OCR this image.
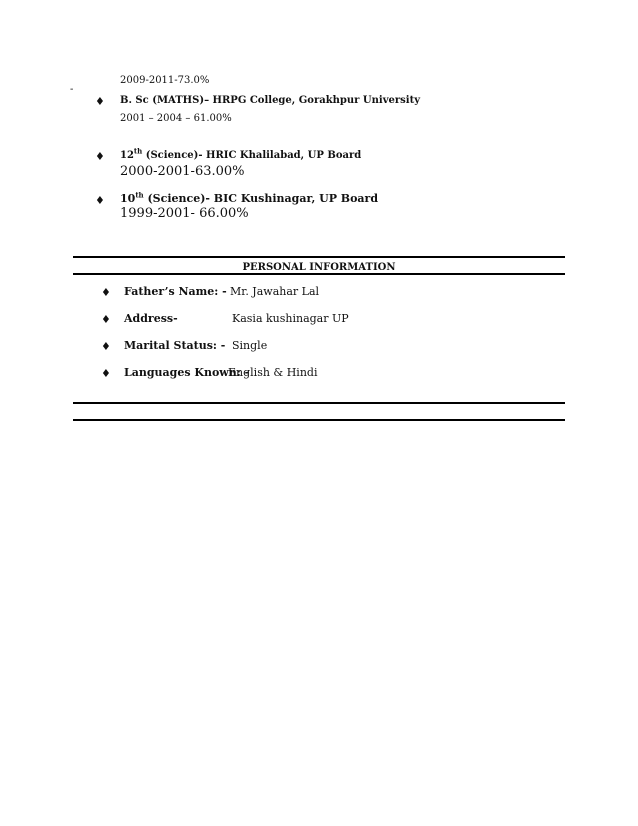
-
2009-2011-73.0%
♦ B. Sc (MATHS)– HRPG College, Gorakhpur University
2001 – 2004 – 61.00%
♦ 12th (Science)- HRIC Khalilabad, UP Board
2000-2001-63.00%
♦ 10th (Science)- BIC Kushinagar, UP Board
1999-2001- 66.00%
PERSONAL INFORMATION
♦ Father’s Name: - Mr. Jawahar Lal
♦ Address-	Kasia kushinagar UP
♦ Marital Status: - Single
♦ Languages Known: -
English & Hindi
